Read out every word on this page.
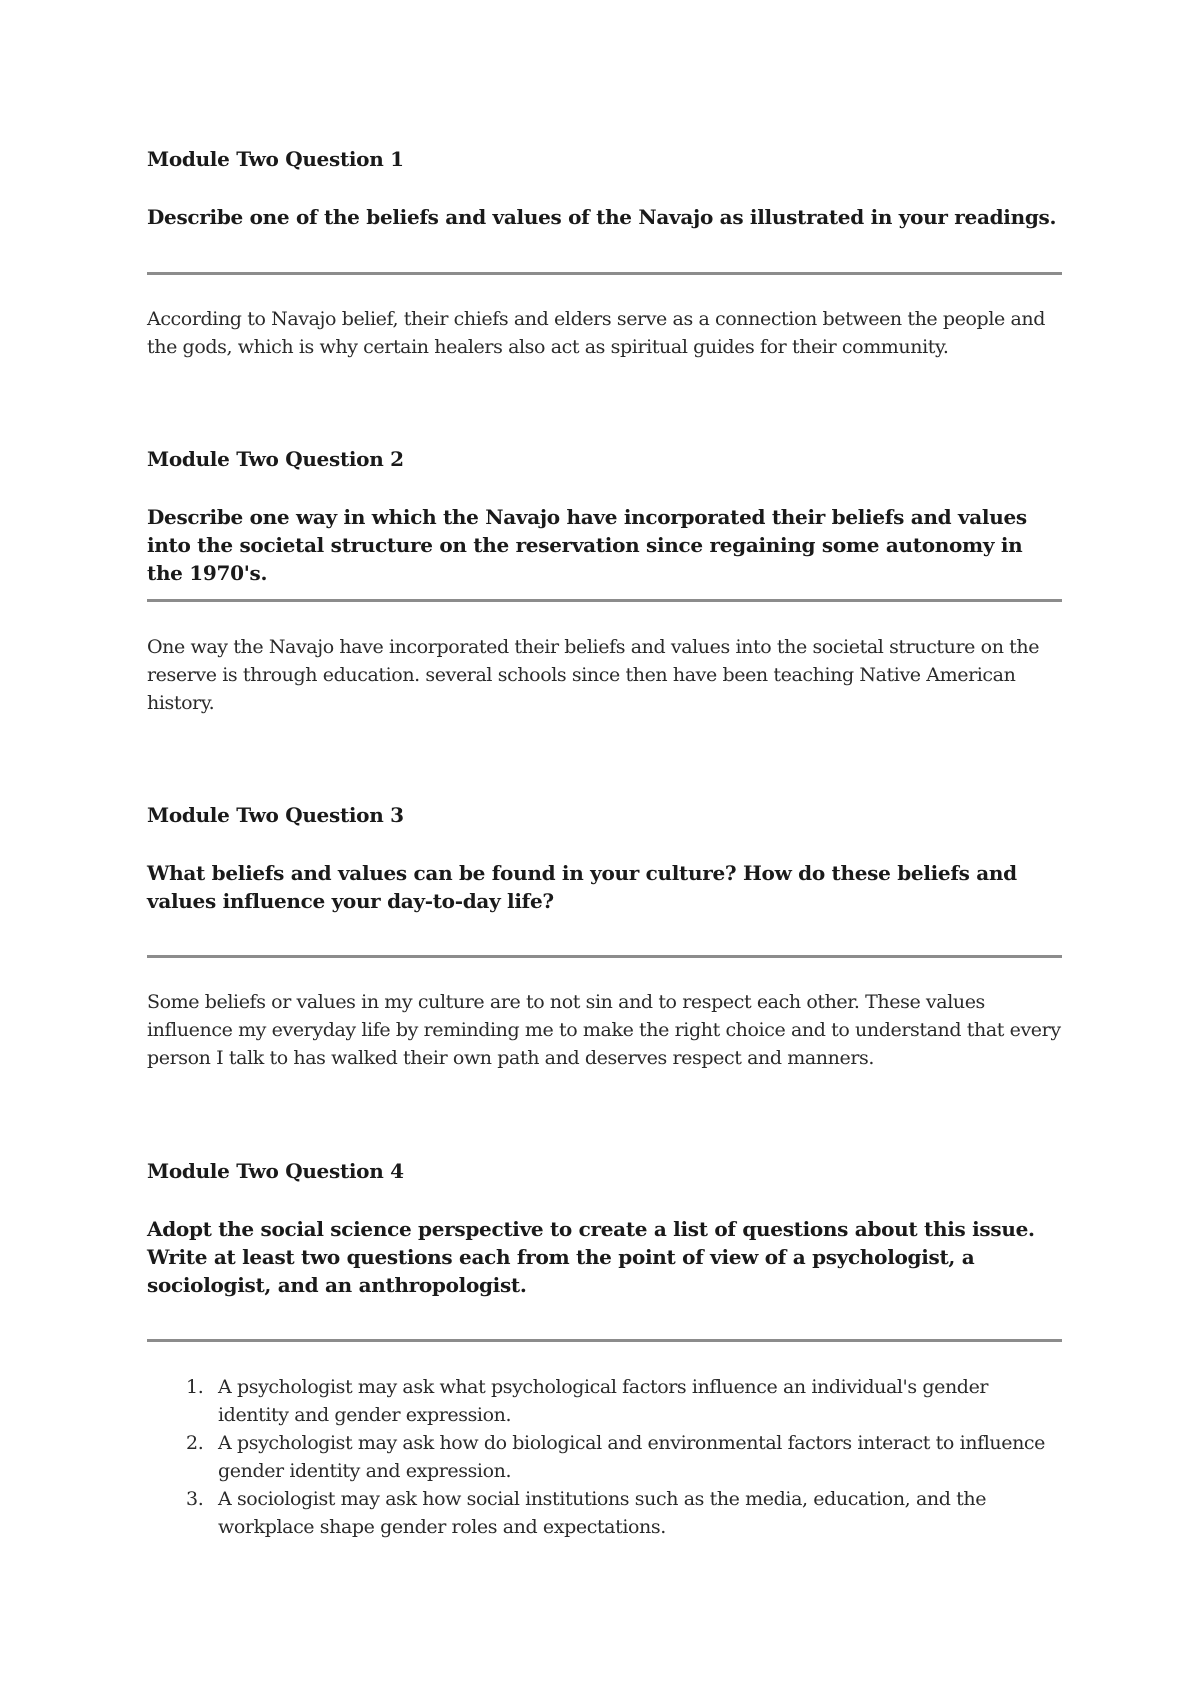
Module Two Question 1

Describe one of the beliefs and values of the Navajo as illustrated in your readings.

According to Navajo belief, their chiefs and elders serve as a connection between the people and the gods, which is why certain healers also act as spiritual guides for their community.

Module Two Question 2

Describe one way in which the Navajo have incorporated their beliefs and values into the societal structure on the reservation since regaining some autonomy in the 1970's.

One way the Navajo have incorporated their beliefs and values into the societal structure on the reserve is through education. several schools since then have been teaching Native American history.

Module Two Question 3

What beliefs and values can be found in your culture? How do these beliefs and values influence your day-to-day life?

Some beliefs or values in my culture are to not sin and to respect each other. These values influence my everyday life by reminding me to make the right choice and to understand that every person I talk to has walked their own path and deserves respect and manners.

Module Two Question 4

Adopt the social science perspective to create a list of questions about this issue. Write at least two questions each from the point of view of a psychologist, a sociologist, and an anthropologist.

1. A psychologist may ask what psychological factors influence an individual's gender identity and gender expression.
2. A psychologist may ask how do biological and environmental factors interact to influence gender identity and expression.
3. A sociologist may ask how social institutions such as the media, education, and the workplace shape gender roles and expectations.
